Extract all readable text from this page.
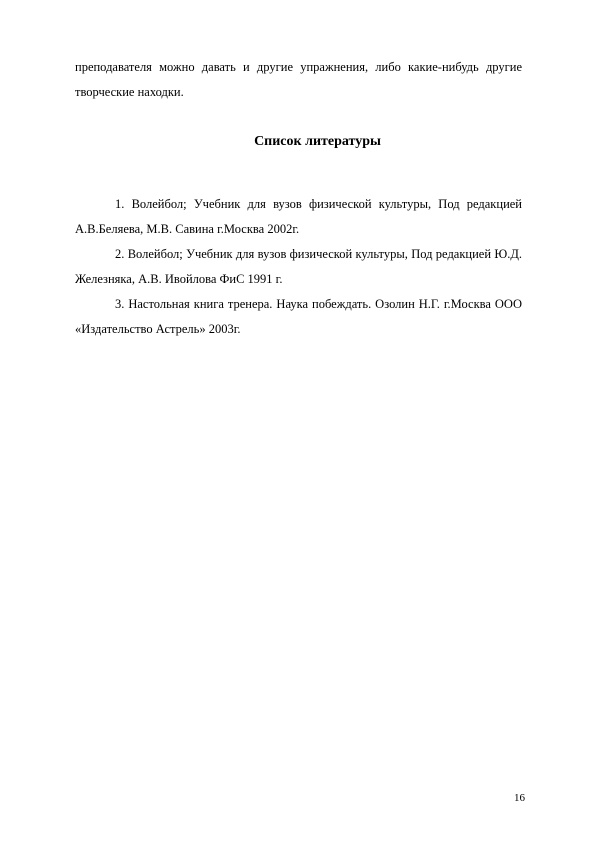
преподавателя можно давать и другие упражнения, либо какие-нибудь другие творческие находки.

Список литературы

1. Волейбол; Учебник для вузов физической культуры, Под редакцией А.В.Беляева, М.В. Савина г.Москва 2002г.

2. Волейбол; Учебник для вузов физической культуры, Под редакцией Ю.Д. Железняка, А.В. Ивойлова ФиС 1991 г.

3. Настольная книга тренера. Наука побеждать. Озолин Н.Г. г.Москва ООО «Издательство Астрель» 2003г.

16
